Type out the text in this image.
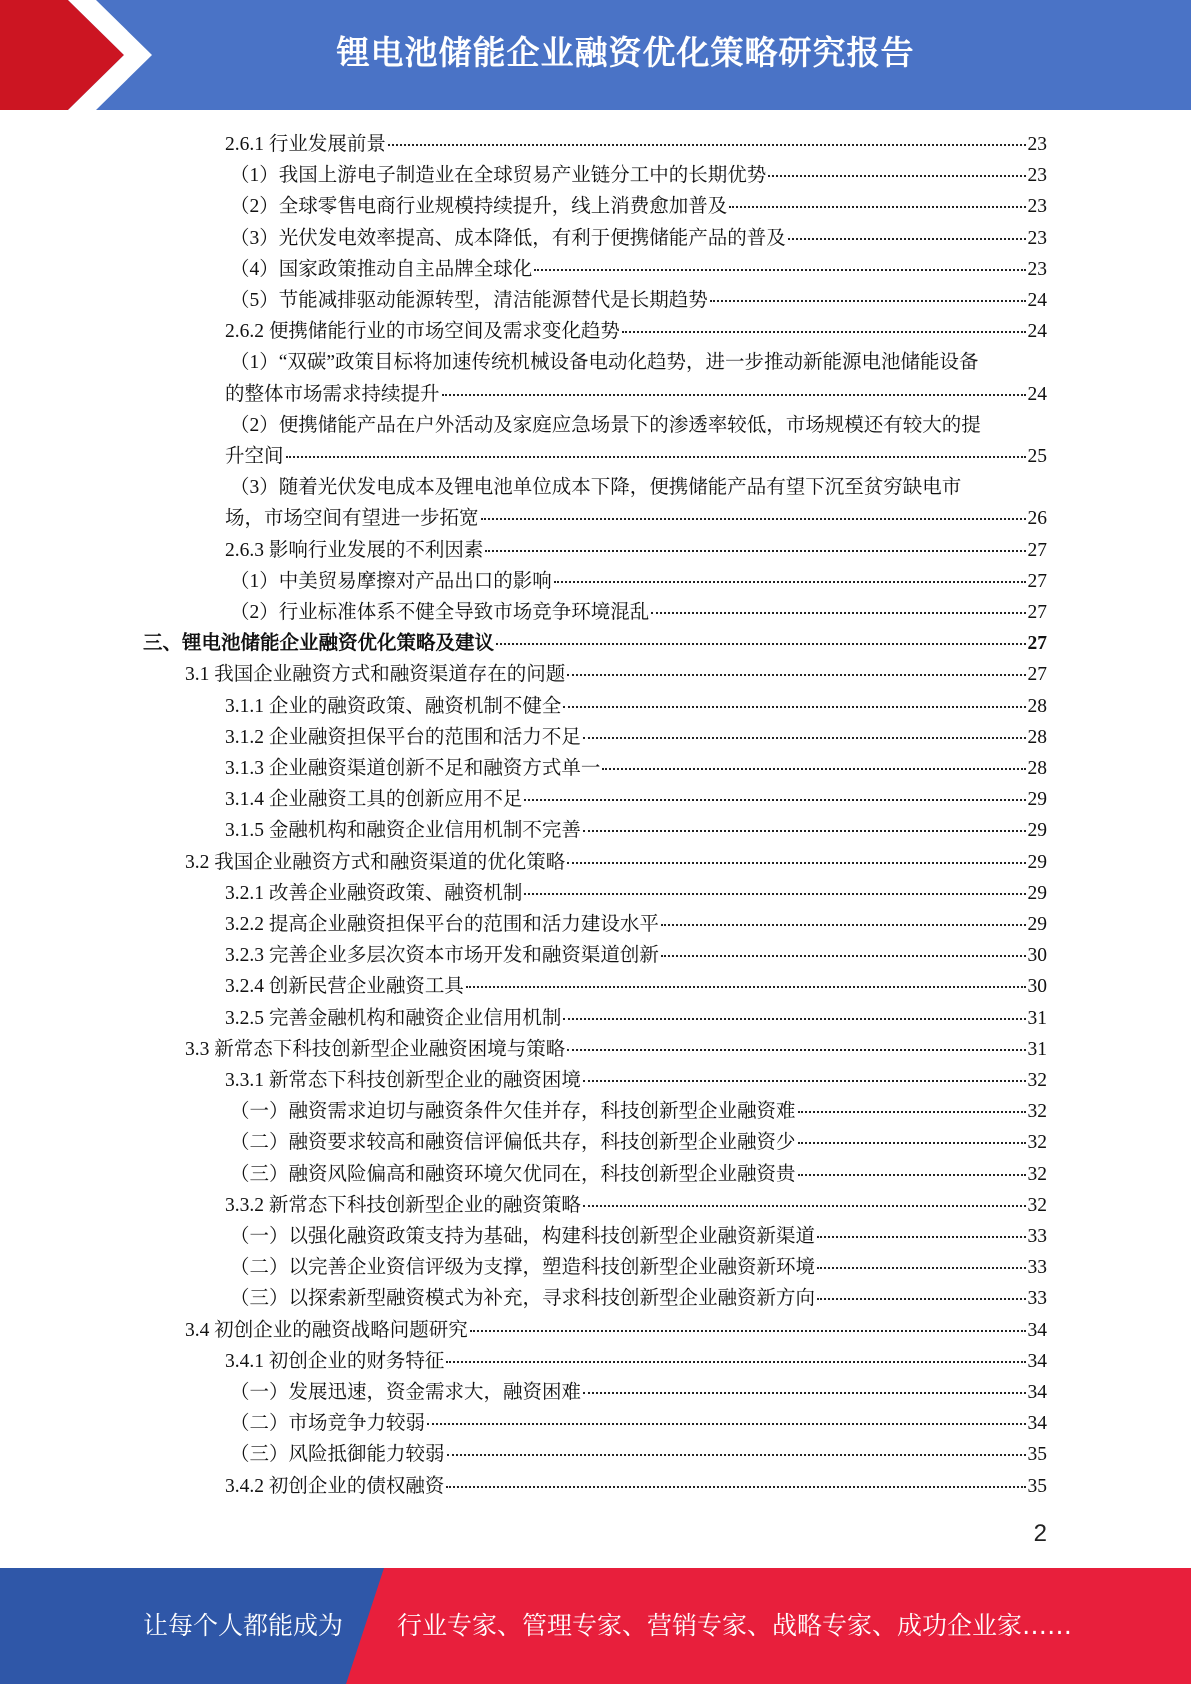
锂电池储能企业融资优化策略研究报告
2.6.1 行业发展前景	23
（1）我国上游电子制造业在全球贸易产业链分工中的长期优势	23
（2）全球零售电商行业规模持续提升，线上消费愈加普及	23
（3）光伏发电效率提高、成本降低，有利于便携储能产品的普及	23
（4）国家政策推动自主品牌全球化	23
（5）节能减排驱动能源转型，清洁能源替代是长期趋势	24
2.6.2 便携储能行业的市场空间及需求变化趋势	24
（1）“双碳”政策目标将加速传统机械设备电动化趋势，进一步推动新能源电池储能设备
的整体市场需求持续提升	24
（2）便携储能产品在户外活动及家庭应急场景下的渗透率较低，市场规模还有较大的提
升空间	25
（3）随着光伏发电成本及锂电池单位成本下降，便携储能产品有望下沉至贫穷缺电市
场，市场空间有望进一步拓宽	26
2.6.3 影响行业发展的不利因素	27
（1）中美贸易摩擦对产品出口的影响	27
（2）行业标准体系不健全导致市场竞争环境混乱	27
三、锂电池储能企业融资优化策略及建议	27
3.1 我国企业融资方式和融资渠道存在的问题	27
3.1.1 企业的融资政策、融资机制不健全	28
3.1.2 企业融资担保平台的范围和活力不足	28
3.1.3 企业融资渠道创新不足和融资方式单一	28
3.1.4 企业融资工具的创新应用不足	29
3.1.5 金融机构和融资企业信用机制不完善	29
3.2 我国企业融资方式和融资渠道的优化策略	29
3.2.1 改善企业融资政策、融资机制	29
3.2.2 提高企业融资担保平台的范围和活力建设水平	29
3.2.3 完善企业多层次资本市场开发和融资渠道创新	30
3.2.4 创新民营企业融资工具	30
3.2.5 完善金融机构和融资企业信用机制	31
3.3 新常态下科技创新型企业融资困境与策略	31
3.3.1 新常态下科技创新型企业的融资困境	32
（一）融资需求迫切与融资条件欠佳并存，科技创新型企业融资难	32
（二）融资要求较高和融资信评偏低共存，科技创新型企业融资少	32
（三）融资风险偏高和融资环境欠优同在，科技创新型企业融资贵	32
3.3.2 新常态下科技创新型企业的融资策略	32
（一）以强化融资政策支持为基础，构建科技创新型企业融资新渠道	33
（二）以完善企业资信评级为支撑，塑造科技创新型企业融资新环境	33
（三）以探索新型融资模式为补充，寻求科技创新型企业融资新方向	33
3.4 初创企业的融资战略问题研究	34
3.4.1 初创企业的财务特征	34
（一）发展迅速，资金需求大，融资困难	34
（二）市场竞争力较弱	34
（三）风险抵御能力较弱	35
3.4.2 初创企业的债权融资	35
2
让每个人都能成为 行业专家、管理专家、营销专家、战略专家、成功企业家……
